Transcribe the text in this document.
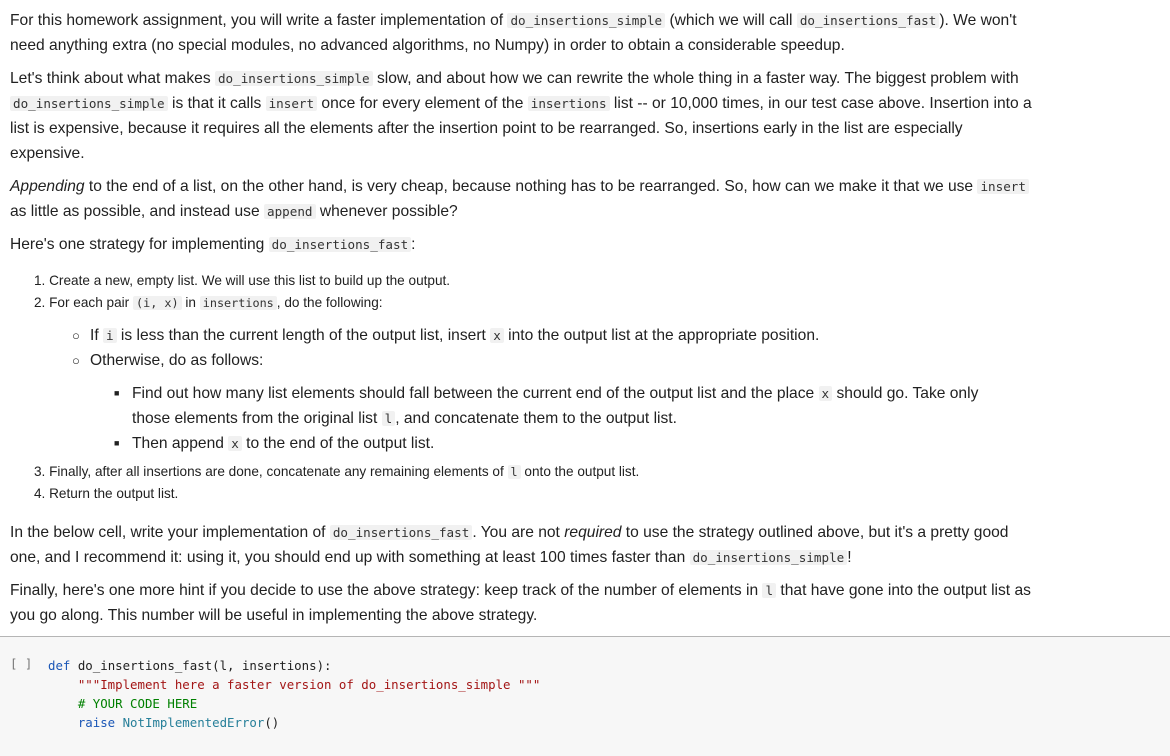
For this homework assignment, you will write a faster implementation of do_insertions_simple (which we will call do_insertions_fast ). We won't need anything extra (no special modules, no advanced algorithms, no Numpy) in order to obtain a considerable speedup.

Let's think about what makes do_insertions_simple slow, and about how we can rewrite the whole thing in a faster way. The biggest problem with do_insertions_simple is that it calls insert once for every element of the insertions list -- or 10,000 times, in our test case above. Insertion into a list is expensive, because it requires all the elements after the insertion point to be rearranged. So, insertions early in the list are especially expensive.

Appending to the end of a list, on the other hand, is very cheap, because nothing has to be rearranged. So, how can we make it that we use insert as little as possible, and instead use append whenever possible?

Here's one strategy for implementing do_insertions_fast :

1. Create a new, empty list. We will use this list to build up the output.
2. For each pair (i, x) in insertions , do the following:
○ If i is less than the current length of the output list, insert x into the output list at the appropriate position.
○ Otherwise, do as follows:
■ Find out how many list elements should fall between the current end of the output list and the place x should go. Take only those elements from the original list l , and concatenate them to the output list.
■ Then append x to the end of the output list.
3. Finally, after all insertions are done, concatenate any remaining elements of l onto the output list.
4. Return the output list.

In the below cell, write your implementation of do_insertions_fast . You are not required to use the strategy outlined above, but it's a pretty good one, and I recommend it: using it, you should end up with something at least 100 times faster than do_insertions_simple !

Finally, here's one more hint if you decide to use the above strategy: keep track of the number of elements in l that have gone into the output list as you go along. This number will be useful in implementing the above strategy.

[ ] def do_insertions_fast(l, insertions):
"""Implement here a faster version of do_insertions_simple """
# YOUR CODE HERE
raise NotImplementedError()
